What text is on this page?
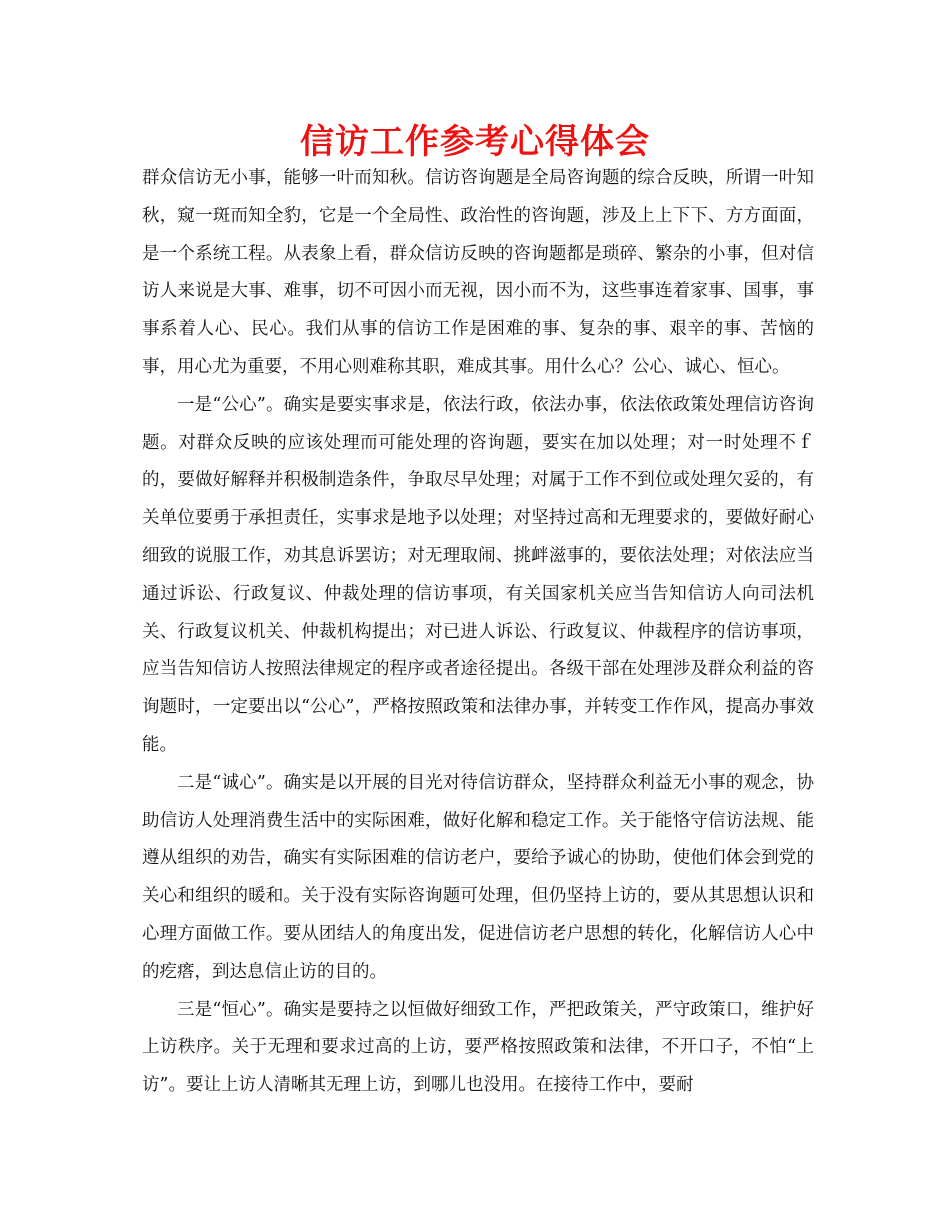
信访工作参考心得体会

群众信访无小事，能够一叶而知秋。信访咨询题是全局咨询题的综合反映，所谓一叶知秋，窥一斑而知全豹，它是一个全局性、政治性的咨询题，涉及上上下下、方方面面，是一个系统工程。从表象上看，群众信访反映的咨询题都是琐碎、繁杂的小事，但对信访人来说是大事、难事，切不可因小而无视，因小而不为，这些事连着家事、国事，事事系着人心、民心。我们从事的信访工作是困难的事、复杂的事、艰辛的事、苦恼的事，用心尤为重要，不用心则难称其职，难成其事。用什么心？公心、诚心、恒心。

一是“公心”。确实是要实事求是，依法行政，依法办事，依法依政策处理信访咨询题。对群众反映的应该处理而可能处理的咨询题，要实在加以处理；对一时处理不ｆ的，要做好解释并积极制造条件，争取尽早处理；对属于工作不到位或处理欠妥的，有关单位要勇于承担责任，实事求是地予以处理；对坚持过高和无理要求的，要做好耐心细致的说服工作，劝其息诉罢访；对无理取闹、挑衅滋事的，要依法处理；对依法应当通过诉讼、行政复议、仲裁处理的信访事项，有关国家机关应当告知信访人向司法机关、行政复议机关、仲裁机构提出；对已进人诉讼、行政复议、仲裁程序的信访事项，应当告知信访人按照法律规定的程序或者途径提出。各级干部在处理涉及群众利益的咨询题时，一定要出以“公心”，严格按照政策和法律办事，并转变工作作风，提高办事效能。

二是“诚心”。确实是以开展的目光对待信访群众，坚持群众利益无小事的观念，协助信访人处理消费生活中的实际困难，做好化解和稳定工作。关于能恪守信访法规、能遵从组织的劝告，确实有实际困难的信访老户，要给予诚心的协助，使他们体会到党的关心和组织的暖和。关于没有实际咨询题可处理，但仍坚持上访的，要从其思想认识和心理方面做工作。要从团结人的角度出发，促进信访老户思想的转化，化解信访人心中的疙瘩，到达息信止访的目的。

三是“恒心”。确实是要持之以恒做好细致工作，严把政策关，严守政策口，维护好上访秩序。关于无理和要求过高的上访，要严格按照政策和法律，不开口子，不怕“上访”。要让上访人清晰其无理上访，到哪儿也没用。在接待工作中，要耐
